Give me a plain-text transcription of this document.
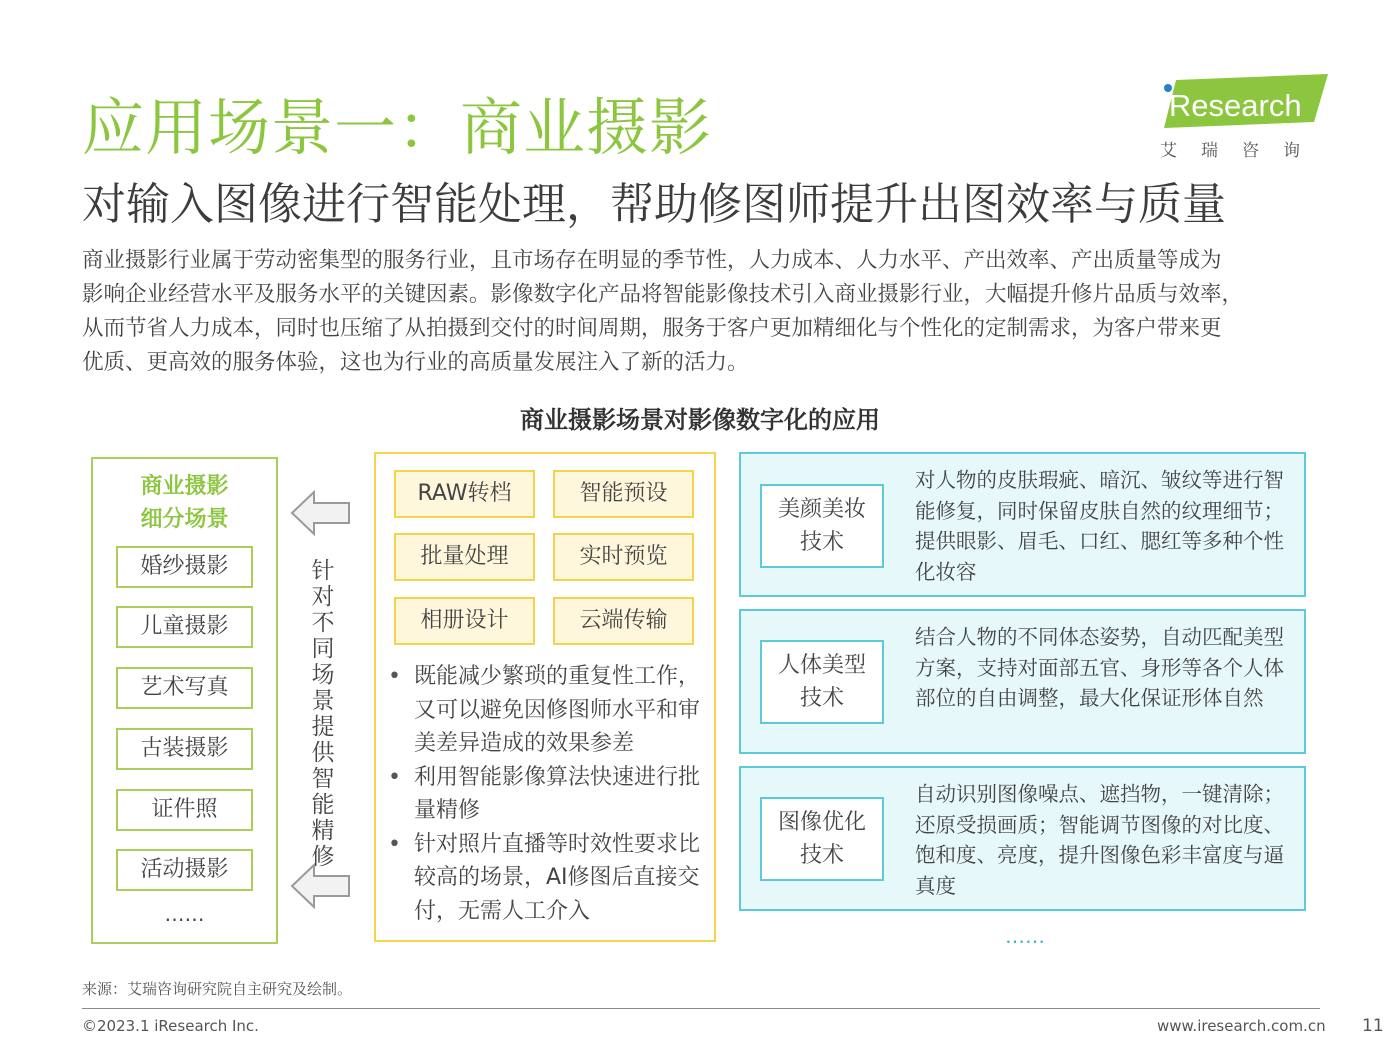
应用场景一：商业摄影
对输入图像进行智能处理，帮助修图师提升出图效率与质量
iResearch
艾瑞咨询
商业摄影行业属于劳动密集型的服务行业，且市场存在明显的季节性，人力成本、人力水平、产出效率、产出质量等成为
影响企业经营水平及服务水平的关键因素。影像数字化产品将智能影像技术引入商业摄影行业，大幅提升修片品质与效率，
从而节省人力成本，同时也压缩了从拍摄到交付的时间周期，服务于客户更加精细化与个性化的定制需求，为客户带来更
优质、更高效的服务体验，这也为行业的高质量发展注入了新的活力。
商业摄影场景对影像数字化的应用
商业摄影
细分场景
婚纱摄影
儿童摄影
艺术写真
古装摄影
证件照
活动摄影
……
针对不同场景提供智能精修
RAW转档	智能预设
批量处理	实时预览
相册设计	云端传输
• 既能减少繁琐的重复性工作，又可以避免因修图师水平和审美差异造成的效果参差
• 利用智能影像算法快速进行批量精修
• 针对照片直播等时效性要求比较高的场景，AI修图后直接交付，无需人工介入
美颜美妆
技术
对人物的皮肤瑕疵、暗沉、皱纹等进行智能修复，同时保留皮肤自然的纹理细节；提供眼影、眉毛、口红、腮红等多种个性化妆容
人体美型
技术
结合人物的不同体态姿势，自动匹配美型方案，支持对面部五官、身形等各个人体部位的自由调整，最大化保证形体自然
图像优化
技术
自动识别图像噪点、遮挡物，一键清除；还原受损画质；智能调节图像的对比度、饱和度、亮度，提升图像色彩丰富度与逼真度
……
来源：艾瑞咨询研究院自主研究及绘制。
©2023.1 iResearch Inc.	www.iresearch.com.cn 11
